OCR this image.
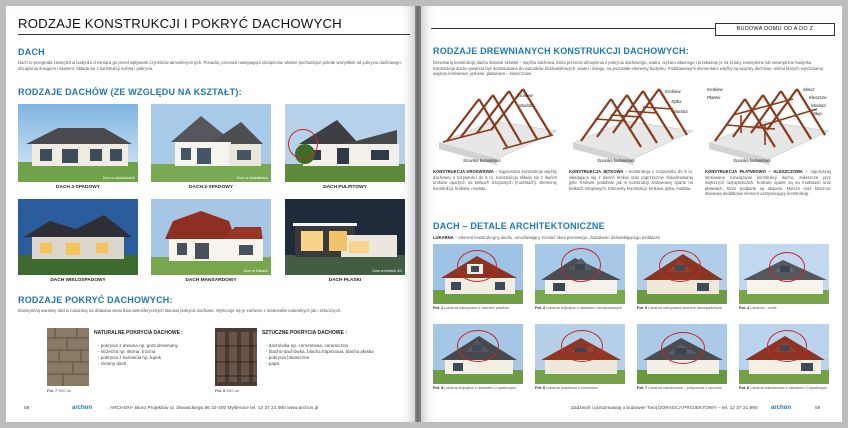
RODZAJE KONSTRUKCJI I POKRYĆ DACHOWYCH
DACH
Dach to przegroda zewnętrzna budynku chroniąca go przed wpływami czynników atmosferycznych. Ponadto, przenosi następujące obciążenia: własne pochodzące przede wszystkim od pokrycia dachowego, obciążenia śniegiem i wiatrem. Składa się z konstrukcji nośnej i pokrycia.
RODZAJE DACHÓW (ZE WZGLĘDU NA KSZTAŁT):
Dom w rukwiankach	Dom w skalniakach
DACH 4-SPADOWY	DACH 2-SPADOWY	DACH PULPITOWY
Dom w fiołkach	Dom w mirtach 2G
DACH WIELOSPADOWY	DACH MANSARDOWY	DACH PŁASKI
RODZAJE POKRYĆ DACHOWYCH:
Zewnętrzną warstwę dachu narażoną na działania warunków atmosferycznych stanowi pokrycie dachowe. Wykonuje się je zarówno z materiałów naturalnych jak i sztucznych.
Fot. 7 SXC.hu
NATURALNE POKRYCIA DACHOWE :
- pokrycia z drewna np. gont drewniany
- strzecha np. słoma, trzcina
- pokrycia z kamienia np. łupek
- zielony dach
Fot. 8 SXC.hu
SZTUCZNE POKRYCIA DACHOWE :
- dachówka np. cementowa, ceramiczna
- blacho-dachówka, blacha trapezowa, blacha płaska
- pokrycia bitumiczne
- papa
58	archon	ARCHON+ Biuro Projektów ul. Słowackiego 86 32-400 Myślenice tel. 12 37 21 900 www.archon.pl
BUDOWA DOMU OD A DO Z
RODZAJE DREWNIANYCH KONSTRUKCJI DACHOWYCH:
Drewnianą konstrukcję dachu stanowi szkielet – więźba dachowa, która przenosi obciążenia z pokrycia dachowego, wiatru, ciężaru własnego i przekazuje je na ściany zewnętrzne lub wewnętrzne budynku. Konstrukcja dachu powinna być dostosowana do warunków środowiskowych: wiatru i śniegu, na pozostałe elementy budynku. Podstawowymi elementami więźby są wiązary dachowe, wśród których wyróżniamy: wiązary krokwiowe, jętkowe, płatwiowo – kleszczowe.
Krokiew
Murłata
Ścianka kolankowa
Krokiew
Jętka
Murłata
Ścianka kolankowa
Krokiew
Płatew
Miecz
Kleszcze
Murłata
Słup
Ścianka kolankowa
KONSTRUKCJA KROKWIOWA – najprostsza konstrukcja więźby dachowej o rozpiętości do 6 m. Konstrukcja składa się z dwóch krokiew opartych na belkach stropowych (murłatach). Elementy konstrukcji: krokiew, murłata.
KONSTRUKCJA JĘTKOWA – konstrukcja o rozpiętości do 9 m, składająca się z dwóch krokwi oraz poprzecznie zlokalizowanej jętki. Krokwie podobnie jak w konstrukcji krokwiowej oparte na belkach stropowych. Elementy konstrukcji: krokiew, jętka, murłata.
KONSTRUKCJA PŁATWIOWO – KLESZCZOWA – najczęściej stosowane rozwiązanie konstrukcji dachu, zwłaszcza przy większych rozpiętościach. Krokwie oparte są na murłatach oraz płatwiach, które podparte są słupami. Miecze oraz kleszcze stanowią dodatkowo element usztywniający konstrukcję.
DACH – DETALE ARCHITEKTONICZNE
LUKARNA – element konstrukcyjny dachu, umożliwiający montaż okna pionowego, dodatkowo doświetlającego poddasze.
Fot. 1 Lukarna nakrywana z dachem płaskim	Fot. 2 Lukarna trójkątna z daszkiem dwuspadowym	Fot. 3 Lukarna nakrywana dachem dwuspadowym	Fot. 4 Lukarna – wolle
Fot. 5 Lukarna trójkątna z daszkiem 2-spadowym	Fot. 6 Lukarna pulpitowa z kolankiem	Fot. 7 Lukarna nawiewowa – połączona z rynnami	Fot. 8 Lukarna nawiewowa z daszkiem 2-spadowym
Zadzwoń i porozmawiaj o budowie! Twój DORADCA PROJEKTOWY – tel. 12 37 21 990 archon	59
